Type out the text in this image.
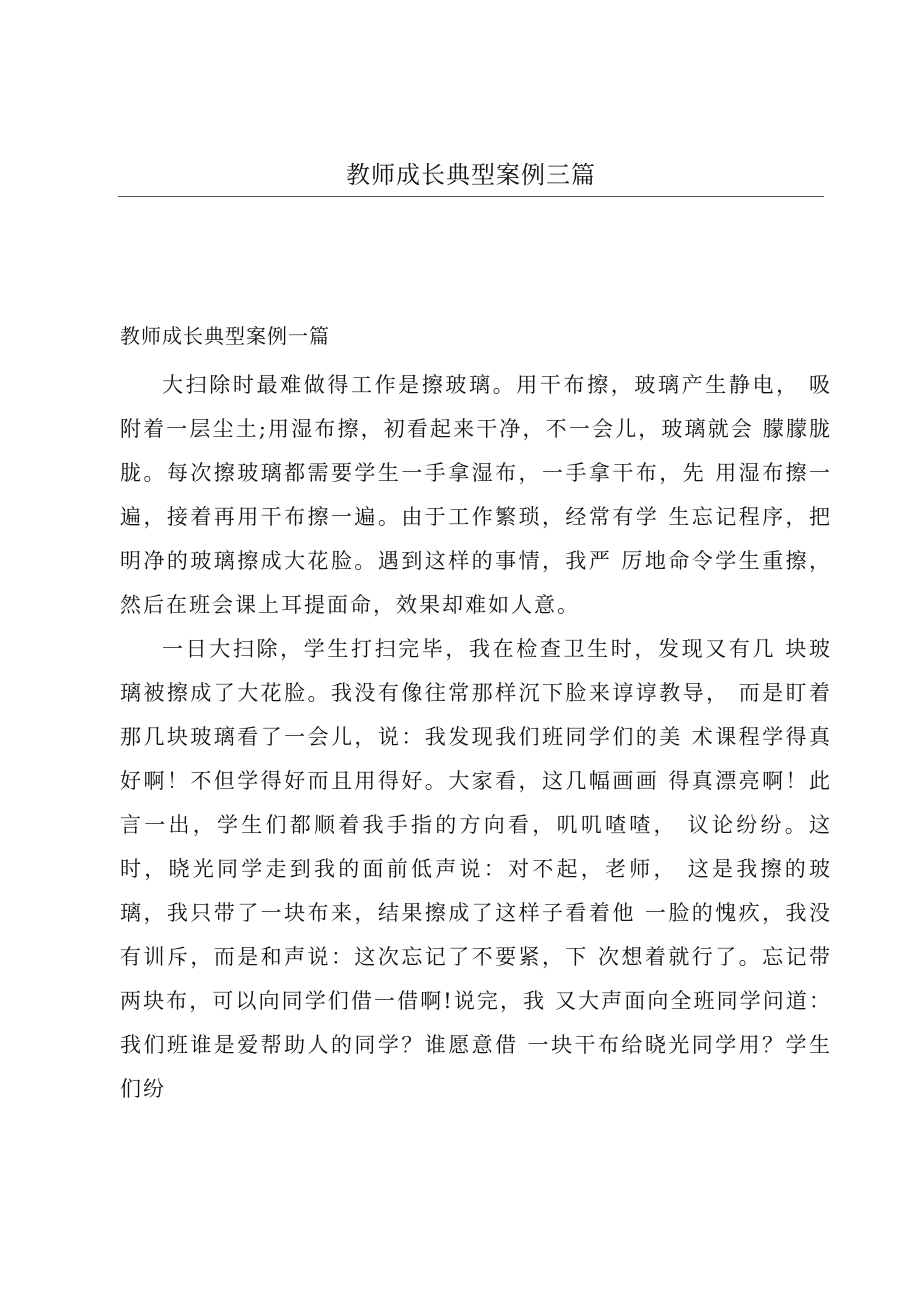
教师成长典型案例三篇
教师成长典型案例一篇

大扫除时最难做得工作是擦玻璃。用干布擦，玻璃产生静电， 吸附着一层尘土;用湿布擦，初看起来干净，不一会儿，玻璃就会 朦朦胧胧。每次擦玻璃都需要学生一手拿湿布，一手拿干布，先 用湿布擦一遍，接着再用干布擦一遍。由于工作繁琐，经常有学 生忘记程序，把明净的玻璃擦成大花脸。遇到这样的事情，我严 厉地命令学生重擦，然后在班会课上耳提面命，效果却难如人意。

一日大扫除，学生打扫完毕，我在检查卫生时，发现又有几 块玻璃被擦成了大花脸。我没有像往常那样沉下脸来谆谆教导， 而是盯着那几块玻璃看了一会儿，说：我发现我们班同学们的美 术课程学得真好啊！不但学得好而且用得好。大家看，这几幅画画 得真漂亮啊！此言一出，学生们都顺着我手指的方向看，叽叽喳喳， 议论纷纷。这时，晓光同学走到我的面前低声说：对不起，老师， 这是我擦的玻璃，我只带了一块布来，结果擦成了这样子看着他 一脸的愧疚，我没有训斥，而是和声说：这次忘记了不要紧，下 次想着就行了。忘记带两块布，可以向同学们借一借啊!说完，我 又大声面向全班同学问道：我们班谁是爱帮助人的同学？谁愿意借 一块干布给晓光同学用？学生们纷
